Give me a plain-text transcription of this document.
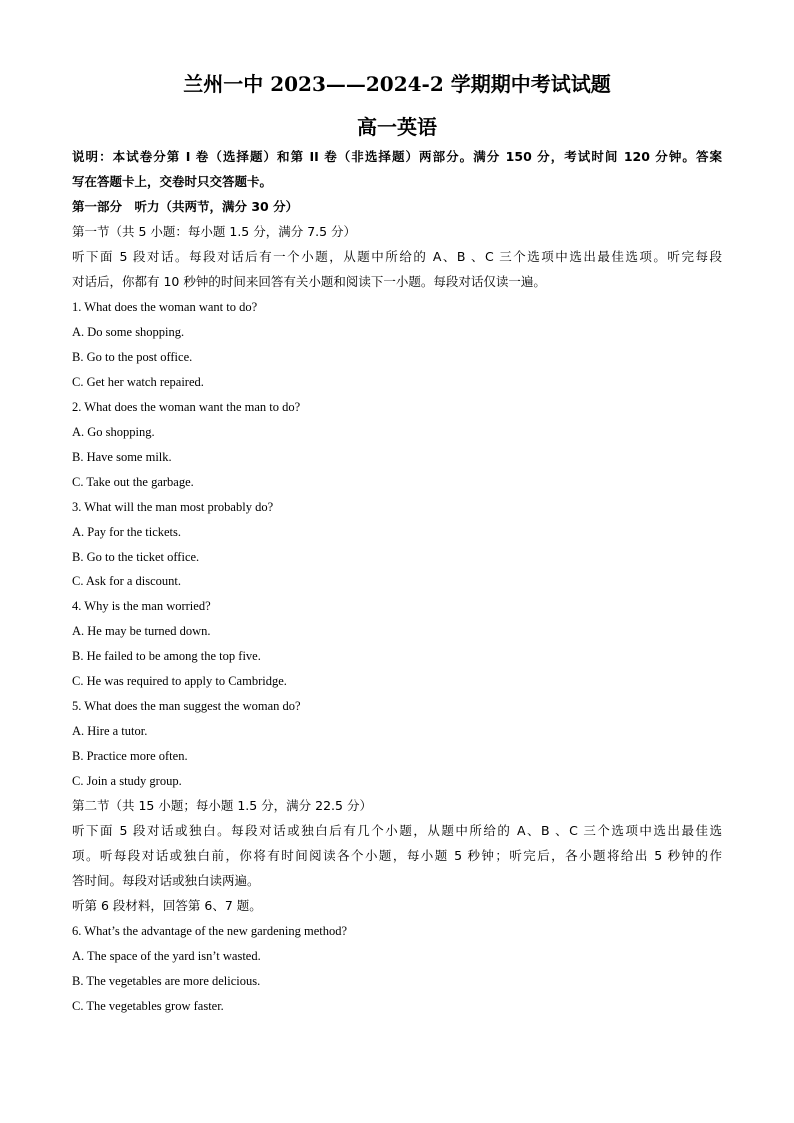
兰州一中 2023——2024-2 学期期中考试试题
高一英语
说明：本试卷分第 I 卷（选择题）和第 II 卷（非选择题）两部分。满分 150 分，考试时间 120 分钟。答案
写在答题卡上，交卷时只交答题卡。
第一部分　听力（共两节，满分 30 分）
第一节（共 5 小题：每小题 1.5 分，满分 7.5 分）
听下面 5 段对话。每段对话后有一个小题，从题中所给的 A、B 、C 三个选项中选出最佳选项。听完每段
对话后，你都有 10 秒钟的时间来回答有关小题和阅读下一小题。每段对话仅读一遍。
1. What does the woman want to do?
A. Do some shopping.
B. Go to the post office.
C. Get her watch repaired.
2. What does the woman want the man to do?
A. Go shopping.
B. Have some milk.
C. Take out the garbage.
3. What will the man most probably do?
A. Pay for the tickets.
B. Go to the ticket office.
C. Ask for a discount.
4. Why is the man worried?
A. He may be turned down.
B. He failed to be among the top five.
C. He was required to apply to Cambridge.
5. What does the man suggest the woman do?
A. Hire a tutor.
B. Practice more often.
C. Join a study group.
第二节（共 15 小题；每小题 1.5 分，满分 22.5 分）
听下面 5 段对话或独白。每段对话或独白后有几个小题，从题中所给的 A、B 、C 三个选项中选出最佳选
项。听每段对话或独白前，你将有时间阅读各个小题，每小题 5 秒钟；听完后，各小题将给出 5 秒钟的作
答时间。每段对话或独白读两遍。
听第 6 段材料，回答第 6、7 题。
6. What’s the advantage of the new gardening method?
A. The space of the yard isn’t wasted.
B. The vegetables are more delicious.
C. The vegetables grow faster.
